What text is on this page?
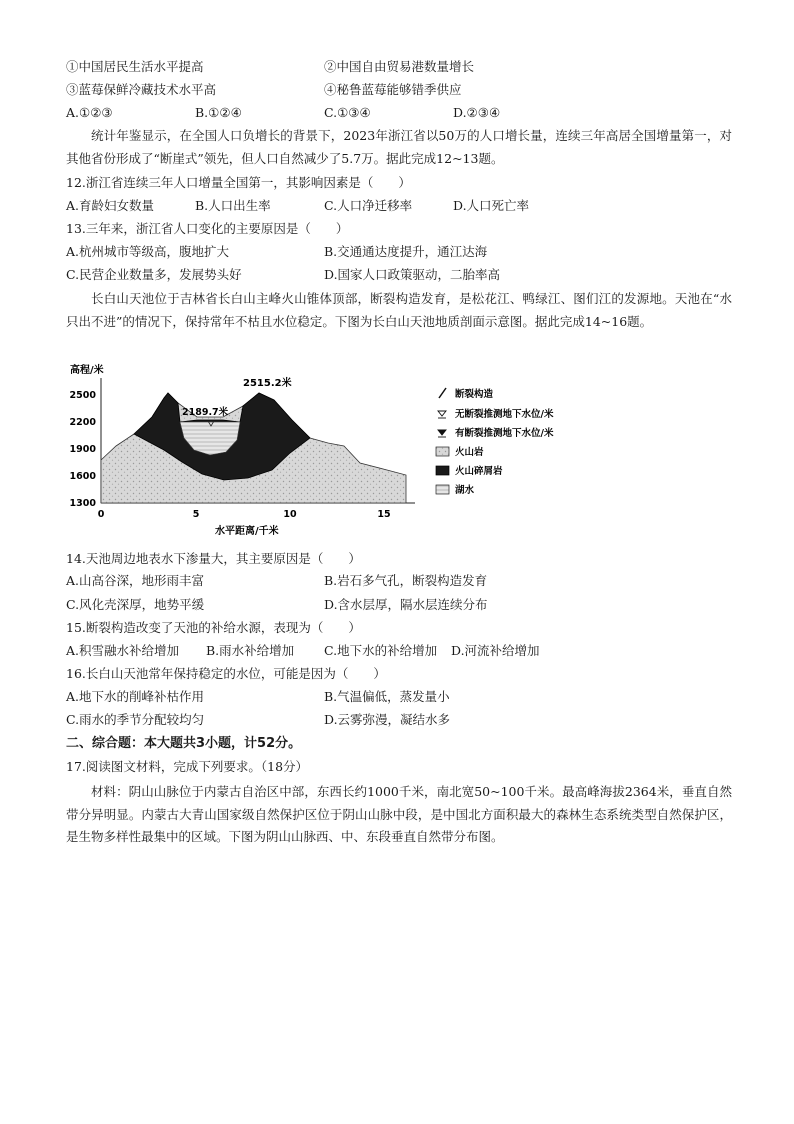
①中国居民生活水平提高	②中国自由贸易港数量增长
③蓝莓保鲜冷藏技术水平高	④秘鲁蓝莓能够错季供应
A.①②③	B.①②④	C.①③④	D.②③④
统计年鉴显示，在全国人口负增长的背景下，2023年浙江省以50万的人口增长量，连续三年高居全国增量第一，对其他省份形成了“断崖式”领先，但人口自然减少了5.7万。据此完成12~13题。
12.浙江省连续三年人口增量全国第一，其影响因素是（　　）
A.育龄妇女数量	B.人口出生率	C.人口净迁移率	D.人口死亡率
13.三年来，浙江省人口变化的主要原因是（　　）
A.杭州城市等级高，腹地扩大	B.交通通达度提升，通江达海
C.民营企业数量多，发展势头好	D.国家人口政策驱动，二胎率高
长白山天池位于吉林省长白山主峰火山锥体顶部，断裂构造发育，是松花江、鸭绿江、图们江的发源地。天池在“水只出不进”的情况下，保持常年不枯且水位稳定。下图为长白山天池地质剖面示意图。据此完成14~16题。
高程/米
水平距离/千米
2500
2200
1900
1600
1300
0	5	10	15
2515.2米
2189.7米
断裂构造
无断裂推测地下水位/米
有断裂推测地下水位/米
火山岩
火山碎屑岩
湖水
14.天池周边地表水下渗量大，其主要原因是（　　）
A.山高谷深，地形雨丰富	B.岩石多气孔，断裂构造发育
C.风化壳深厚，地势平缓	D.含水层厚，隔水层连续分布
15.断裂构造改变了天池的补给水源，表现为（　　）
A.积雪融水补给增加 B.雨水补给增加 C.地下水的补给增加 D.河流补给增加
16.长白山天池常年保持稳定的水位，可能是因为（　　）
A.地下水的削峰补枯作用	B.气温偏低，蒸发量小
C.雨水的季节分配较均匀	D.云雾弥漫，凝结水多
二、综合题：本大题共3小题，计52分。
17.阅读图文材料，完成下列要求。（18分）
材料：阴山山脉位于内蒙古自治区中部，东西长约1000千米，南北宽50~100千米。最高峰海拔2364米，垂直自然带分异明显。内蒙古大青山国家级自然保护区位于阴山山脉中段，是中国北方面积最大的森林生态系统类型自然保护区，是生物多样性最集中的区域。下图为阴山山脉西、中、东段垂直自然带分布图。
